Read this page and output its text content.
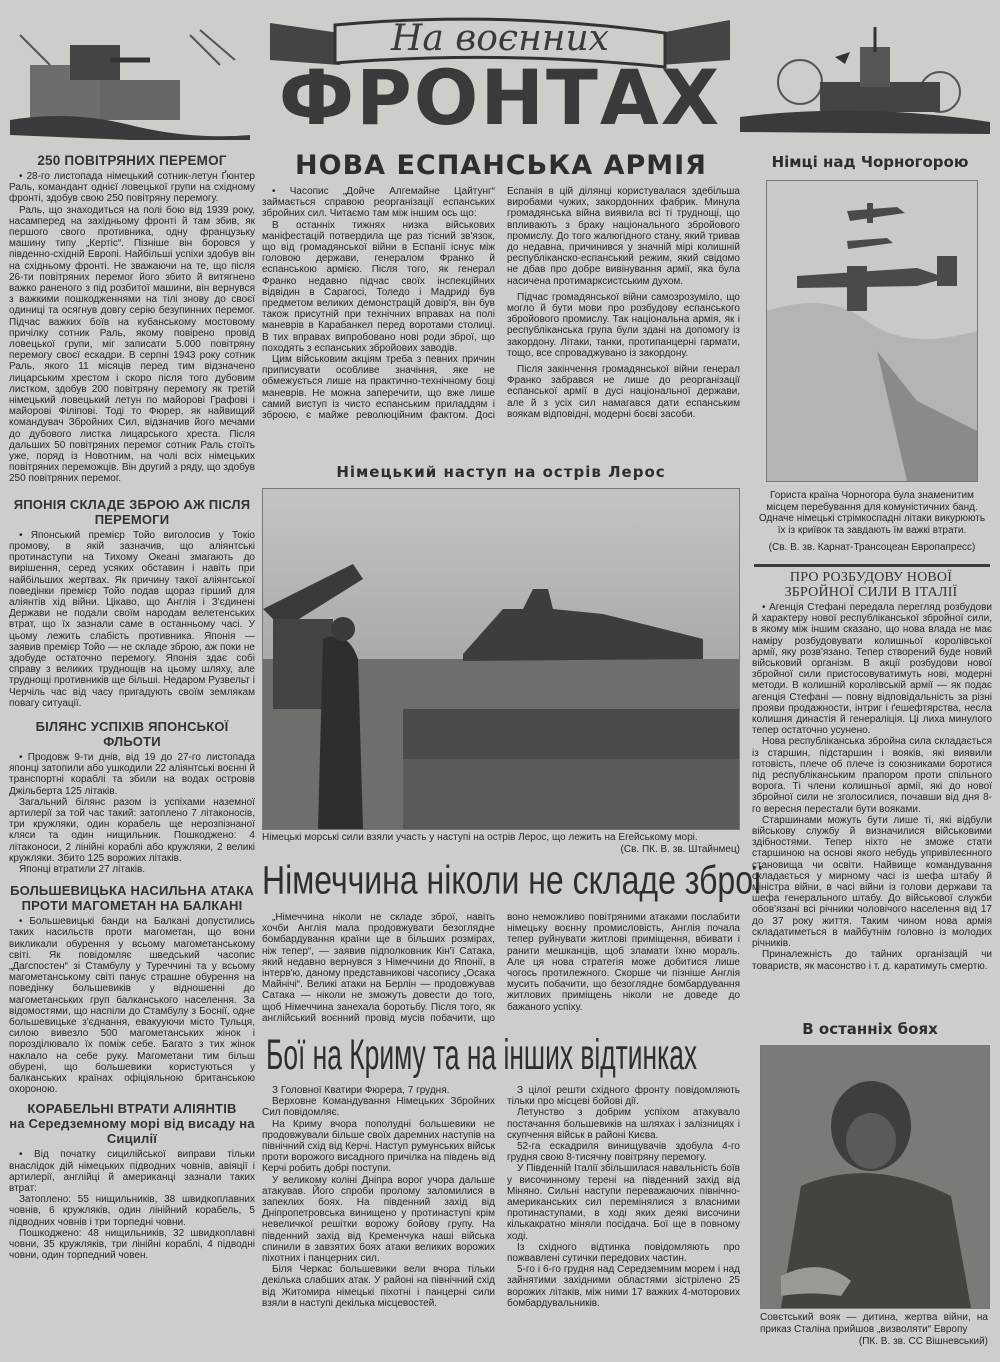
На воєнних
ФРОНТАХ
250 ПОВІТРЯНИХ ПЕРЕМОГ

• 28-го листопада німецький сотник-летун Ґюнтер Раль, командант однієї ловецької групи на східному фронті, здобув свою 250 повітряну перемогу.

Раль, що знаходиться на полі бою від 1939 року, насамперед на західньому фронті й там збив, як першого свого противника, одну французьку машину типу „Кертіс“. Пізніше він боровся у південно-східній Европі. Найбільші успіхи здобув він на східньому фронті. Не зважаючи на те, що після 26-ти повітряних перемог його збито й витягнено важко раненого з під розбитої машини, він вернувся з важкими пошкодженнями на тілі знову до своєї одиниці та осягнув довгу серію безупинних перемог. Підчас важких боїв на кубанському мостовому причілку сотник Раль, якому повірено провід ловецької групи, міг записати 5.000 повітряну перемогу своєї ескадри. В серпні 1943 року сотник Раль, якого 11 місяців перед тим відзначено лицарським хрестом і скоро після того дубовим листком, здобув 200 повітряну перемогу як третій німецький ловецький летун по майорові Графові і майорові Філіпові. Тоді то Фюрер, як найвищий командувач Збройних Сил, відзначив його мечами до дубового листка лицарського хреста. Після дальших 50 повітряних перемог сотник Раль стоїть уже, поряд із Новотним, на чолі всіх німецьких повітряних переможців. Він другий з ряду, що здобув 250 повітряних перемог.

ЯПОНІЯ СКЛАДЕ ЗБРОЮ АЖ ПІСЛЯ ПЕРЕМОГИ

• Японський премієр Тойо виголосив у Токіо промову, в якій зазначив, що аліянтські протинаступи на Тихому Океані змагають до вирішення, серед усяких обставин і навіть при найбільших жертвах. Як причину такої аліянтської поведінки премієр Тойо подав щораз гірший для аліянтів хід війни. Цікаво, що Англія і З'єдинені Держави не подали своїм народам велетенських втрат, що їх зазнали саме в останньому часі. У цьому лежить слабість противника. Японія — заявив премієр Тойо — не складе зброю, аж поки не здобуде остаточно перемогу. Японія здає собі справу з великих труднощів на цьому шляху, але труднощі противників ще більші. Недаром Рузвельт і Черчіль час від часу пригадують своїм землякам повагу ситуації.

БІЛЯНС УСПІХІВ ЯПОНСЬКОЇ ФЛЬОТИ

• Продовж 9-ти днів, від 19 до 27-го листопада японці затопили або ушкодили 22 аліянтські воєнні й транспортні кораблі та збили на водах островів Джільберта 125 літаків.

Загальний білянс разом із успіхами наземної артилерії за той час такий: затоплено 7 літаконосів, три кружляки, один корабель ще нерозпізнаної кляси та один нищильник. Пошкоджено: 4 літаконоси, 2 лінійні кораблі або кружляки, 2 великі кружляки. Збито 125 ворожих літаків.

Японці втратили 27 літаків.

БОЛЬШЕВИЦЬКА НАСИЛЬНА АТАКА ПРОТИ МАГОМЕТАН НА БАЛКАНІ

• Большевицькі банди на Балкані допустились таких насильств проти магометан, що вони викликали обурення у всьому магометанському світі. Як повідомляє шведський часопис „Дагспостен“ зі Стамбулу у Туреччині та у всьому магометанському світі панує страшне обурення на поведінку большевиків у відношенні до магометанських груп балканського населення. За відомостями, що наспіли до Стамбулу з Боснії, одне большевицьке з'єднання, евакууючи місто Тульця, силою вивезло 500 магометанських жінок і порозділювало їх поміж себе. Багато з тих жінок наклало на себе руку. Магометани тим більш обурені, що большевики користуються у балканських країнах офіціяльною британською охороною.

КОРАБЕЛЬНІ ВТРАТИ АЛІЯНТІВ
на Середземному морі від висаду на Сицилії

• Від початку сицилійської виправи тільки внаслідок дій німецьких підводних човнів, авіяції і артилерії, англійці й американці зазнали таких втрат:

Затоплено: 55 нищильників, 38 швидкоплавних човнів, 6 кружляків, один лінійний корабель, 5 підводних човнів і три торпедні човни.

Пошкоджено: 48 нищильників, 32 швидкоплавні човни, 35 кружляків, три лінійні кораблі, 4 підводні човни, один торпедний човен.

НОВА ЕСПАНСЬКА АРМІЯ

• Часопис „Дойче Алгемайне Цайтунг“ займається справою реорганізації еспанських збройних сил. Читаємо там між іншим ось що:

В останніх тижнях низка військових маніфестацій потвердила ще раз тісний зв'язок, що від громадянської війни в Еспанії існує між головою держави, генералом Франко й еспанською армією. Після того, як генерал Франко недавно підчас своїх інспекційних відвідин в Сарагосі, Толедо і Мадриді був предметом великих демонстрацій довір'я, він був також присутній при технічних вправах на полі маневрів в Карабанкел перед воротами столиці. В тих вправах випробовано нові роди зброї, що походять з еспанських збройових заводів.

Цим військовим акціям треба з певних причин приписувати особливе значіння, яке не обмежується лише на практично-технічному боці маневрів. Не можна заперечити, що вже лише самий виступ із чисто еспанським приладдям і зброєю, є майже революційним фактом. Досі Еспанія в цій ділянці користувалася здебільша виробами чужих, закордонних фабрик. Минула громадянська війна виявила всі ті труднощі, що впливають з браку національного збройового промислу. До того жалюгідного стану, який тривав до недавна, причинився у значній мірі колишній республіканско-еспанський режим, який свідомо не дбав про добре вивінування армії, яка була насичена протимарксистським духом.

Підчас громадянської війни самозрозуміло, що могло й бути мови про розбудову еспанського збройового промислу. Так національна армія, як і республіканська група були здані на допомогу із закордону. Літаки, танки, протипанцерні гармати, тощо, все спроваджувано із закордону.

Після закінчення громадянської війни генерал Франко забрався не лише до реорганізації еспанської армії в дусі національної держави, але й з усіх сил намагався дати еспанським воякам відповідні, модерні боєві засоби.

Німецький наступ на острів Лерос
Німецькі морські сили взяли участь у наступі на острів Лерос, що лежить на Егейському морі.
(Св. ПК. В. зв. Штайнмец)
Німеччина ніколи не складе зброї

„Німеччина ніколи не складе зброї, навіть хочби Англія мала продовжувати безоглядне бомбардування країни ще в більших розмірах, ніж тепер“, — заявив підполковник Кін'ї Сатака, який недавно вернувся з Німеччини до Японії, в інтерв'ю, даному представникові часопису „Осака Майнічі“. Великі атаки на Берлін — продовжував Сатака — ніколи не зможуть довести до того, щоб Німеччина занехала боротьбу. Після того, як англійський воєнний провід мусів побачити, що воно неможливо повітряними атаками послабити німецьку воєнну промисловість, Англія почала тепер руйнувати житлові приміщення, вбивати і ранити мешканців, щоб зламати їхню мораль. Але ця нова стратегія може добитися лише чогось протилежного. Скорше чи пізніше Англія мусить побачити, що безоглядне бомбардування житлових приміщень ніколи не доведе до бажаного успіху.

Бої на Криму та на інших відтинках

З Головної Кватири Фюрера, 7 грудня.

Верховне Командування Німецьких Збройних Сил повідомляє.

На Криму вчора пополудні большевики не продовжували більше своїх даремних наступів на північний схід від Керчі. Наступ румунських військ проти ворожого висадного причілка на південь від Керчі робить добрі поступи.

У великому коліні Дніпра ворог учора дальше атакував. Його спроби пролому заломилися в запеклих боях. На південний захід від Дніпропетровська винищено у протинаступі крім невеличкої решітки ворожу бойову групу. На південний захід від Кременчука наші війська спинили в завзятих боях атаки великих ворожих піхотних і панцерних сил.

Біля Черкас большевики вели вчора тільки декілька слабших атак. У районі на північний схід від Житомира німецькі піхотні і панцерні сили взяли в наступі декілька місцевостей.

З цілої решти східного фронту повідомляють тільки про місцеві бойові дії.

Летунство з добрим успіхом атакувало постачання большевиків на шляхах і залізницях і скупчення військ в районі Києва.

52-га ескадриля винищувачів здобула 4-го грудня свою 8-тисячну повітряну перемогу.

У Південній Італії збільшилася навальність боїв у височинному терені на південний захід від Міняно. Сильні наступи переважаючих північно-американських сил перемінялися з власними протинаступами, в ході яких деякі височини кількакратно міняли посідача. Бої ще в повному ході.

Із східного відтинка повідомляють про пожвавлені сутички передових частин.

5-го і 6-го грудня над Середземним морем і над зайнятими західними областями зістрілено 25 ворожих літаків, між ними 17 важких 4-моторових бомбардувальників.

Німці над Чорногорою
Гориста країна Чорногора була знаменитим місцем перебування для комуністичних банд. Одначе німецькі стрімкоспадні літаки викурюють їх із криївок та завдають їм важкі втрати.
(Св. В. зв. Карнат-Трансоцеан Европапресс)
ПРО РОЗБУДОВУ НОВОЇ ЗБРОЙНОЇ СИЛИ В ІТАЛІЇ

• Агенція Стефані передала перегляд розбудови й характеру нової республіканської збройної сили, в якому між іншим сказано, що нова влада не має наміру розбудовувати колишньої королівської армії, яку розв'язано. Тепер створений буде новий військовий організм. В акції розбудови нової збройної сили пристосовуватимуть нові, модерні методи. В колишній королівській армії — як подає агенція Стефані — повну відповідальність за різні прояви продажности, інтриг і ґешефтярства, несла колишня династія й генераліція. Ці лиха минулого тепер остаточно усунено.

Нова республіканська збройна сила складається із старшин, підстаршин і вояків, які виявили готовість, плече об плече із союзниками боротися під республіканським прапором проти спільного ворога. Ті члени колишньої армії, які до нової збройної сили не зголосилися, почавши від дня 8-го вересня перестали бути вояками.

Старшинами можуть бути лише ті, які відбули військову службу й визначилися військовими здібностями. Тепер ніхто не зможе стати старшиною на основі якого небудь упривілеєнного становища чи освіти. Найвище командування складається у мирному часі із шефа штабу й міністра війни, в часі війни із голови держави та шефа генерального штабу. До військової служби обов'язані всі річники чоловічого населення від 17 до 37 року життя. Таким чином нова армія складатиметься в майбутнім головно із молодих річників.

Приналежність до тайних організацій чи товариств, як масонство і т. д. каратимуть смертю.

В останніх боях
Совєтський вояк — дитина, жертва війни, на приказ Сталіна прийшов „визволяти“ Европу
(ПК. В. зв. СС Вішневський)
